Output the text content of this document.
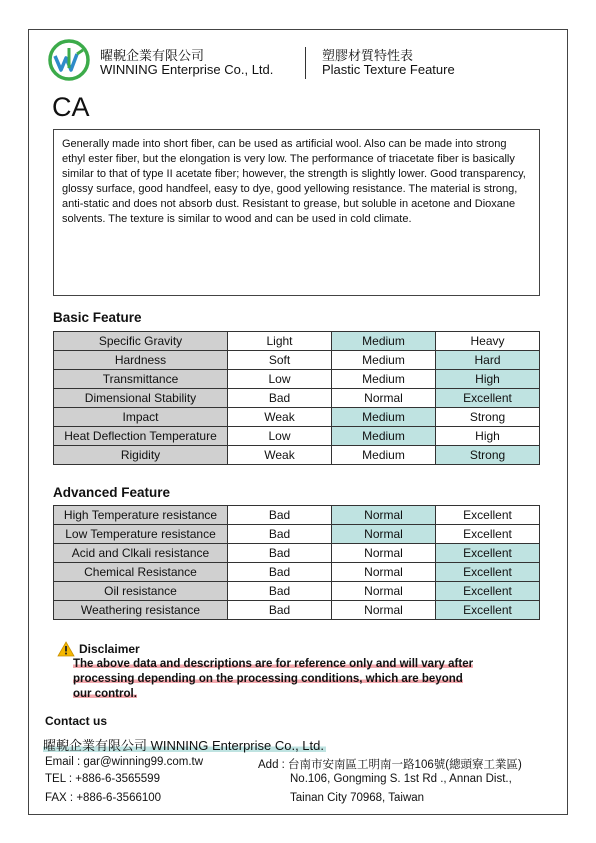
曜輗企業有限公司
WINNING Enterprise Co., Ltd.
塑膠材質特性表
Plastic Texture Feature
CA
Generally made into short fiber, can be used as artificial wool. Also can be made into strong ethyl ester fiber, but the elongation is very low. The performance of triacetate fiber is basically similar to that of type II acetate fiber; however, the strength is slightly lower. Good transparency, glossy surface, good handfeel, easy to dye, good yellowing resistance. The material is strong, anti-static and does not absorb dust. Resistant to grease, but soluble in acetone and Dioxane solvents. The texture is similar to wood and can be used in cold climate.
Basic Feature
Specific Gravity	Light	Medium	Heavy
Hardness	Soft	Medium	Hard
Transmittance	Low	Medium	High
Dimensional Stability	Bad	Normal	Excellent
Impact	Weak	Medium	Strong
Heat Deflection Temperature	Low	Medium	High
Rigidity	Weak	Medium	Strong
Advanced Feature
High Temperature resistance	Bad	Normal	Excellent
Low Temperature resistance	Bad	Normal	Excellent
Acid and Clkali resistance	Bad	Normal	Excellent
Chemical Resistance	Bad	Normal	Excellent
Oil resistance	Bad	Normal	Excellent
Weathering resistance	Bad	Normal	Excellent
Disclaimer
The above data and descriptions are for reference only and will vary after
processing depending on the processing conditions, which are beyond
our control.
Contact us
曜輗企業有限公司 WINNING Enterprise Co., Ltd.
Email : gar@winning99.com.tw
TEL : +886-6-3565599
FAX : +886-6-3566100
Add : 台南市安南區工明南一路106號(總頭寮工業區)
No.106, Gongming S. 1st Rd ., Annan Dist.,
Tainan City 70968, Taiwan
